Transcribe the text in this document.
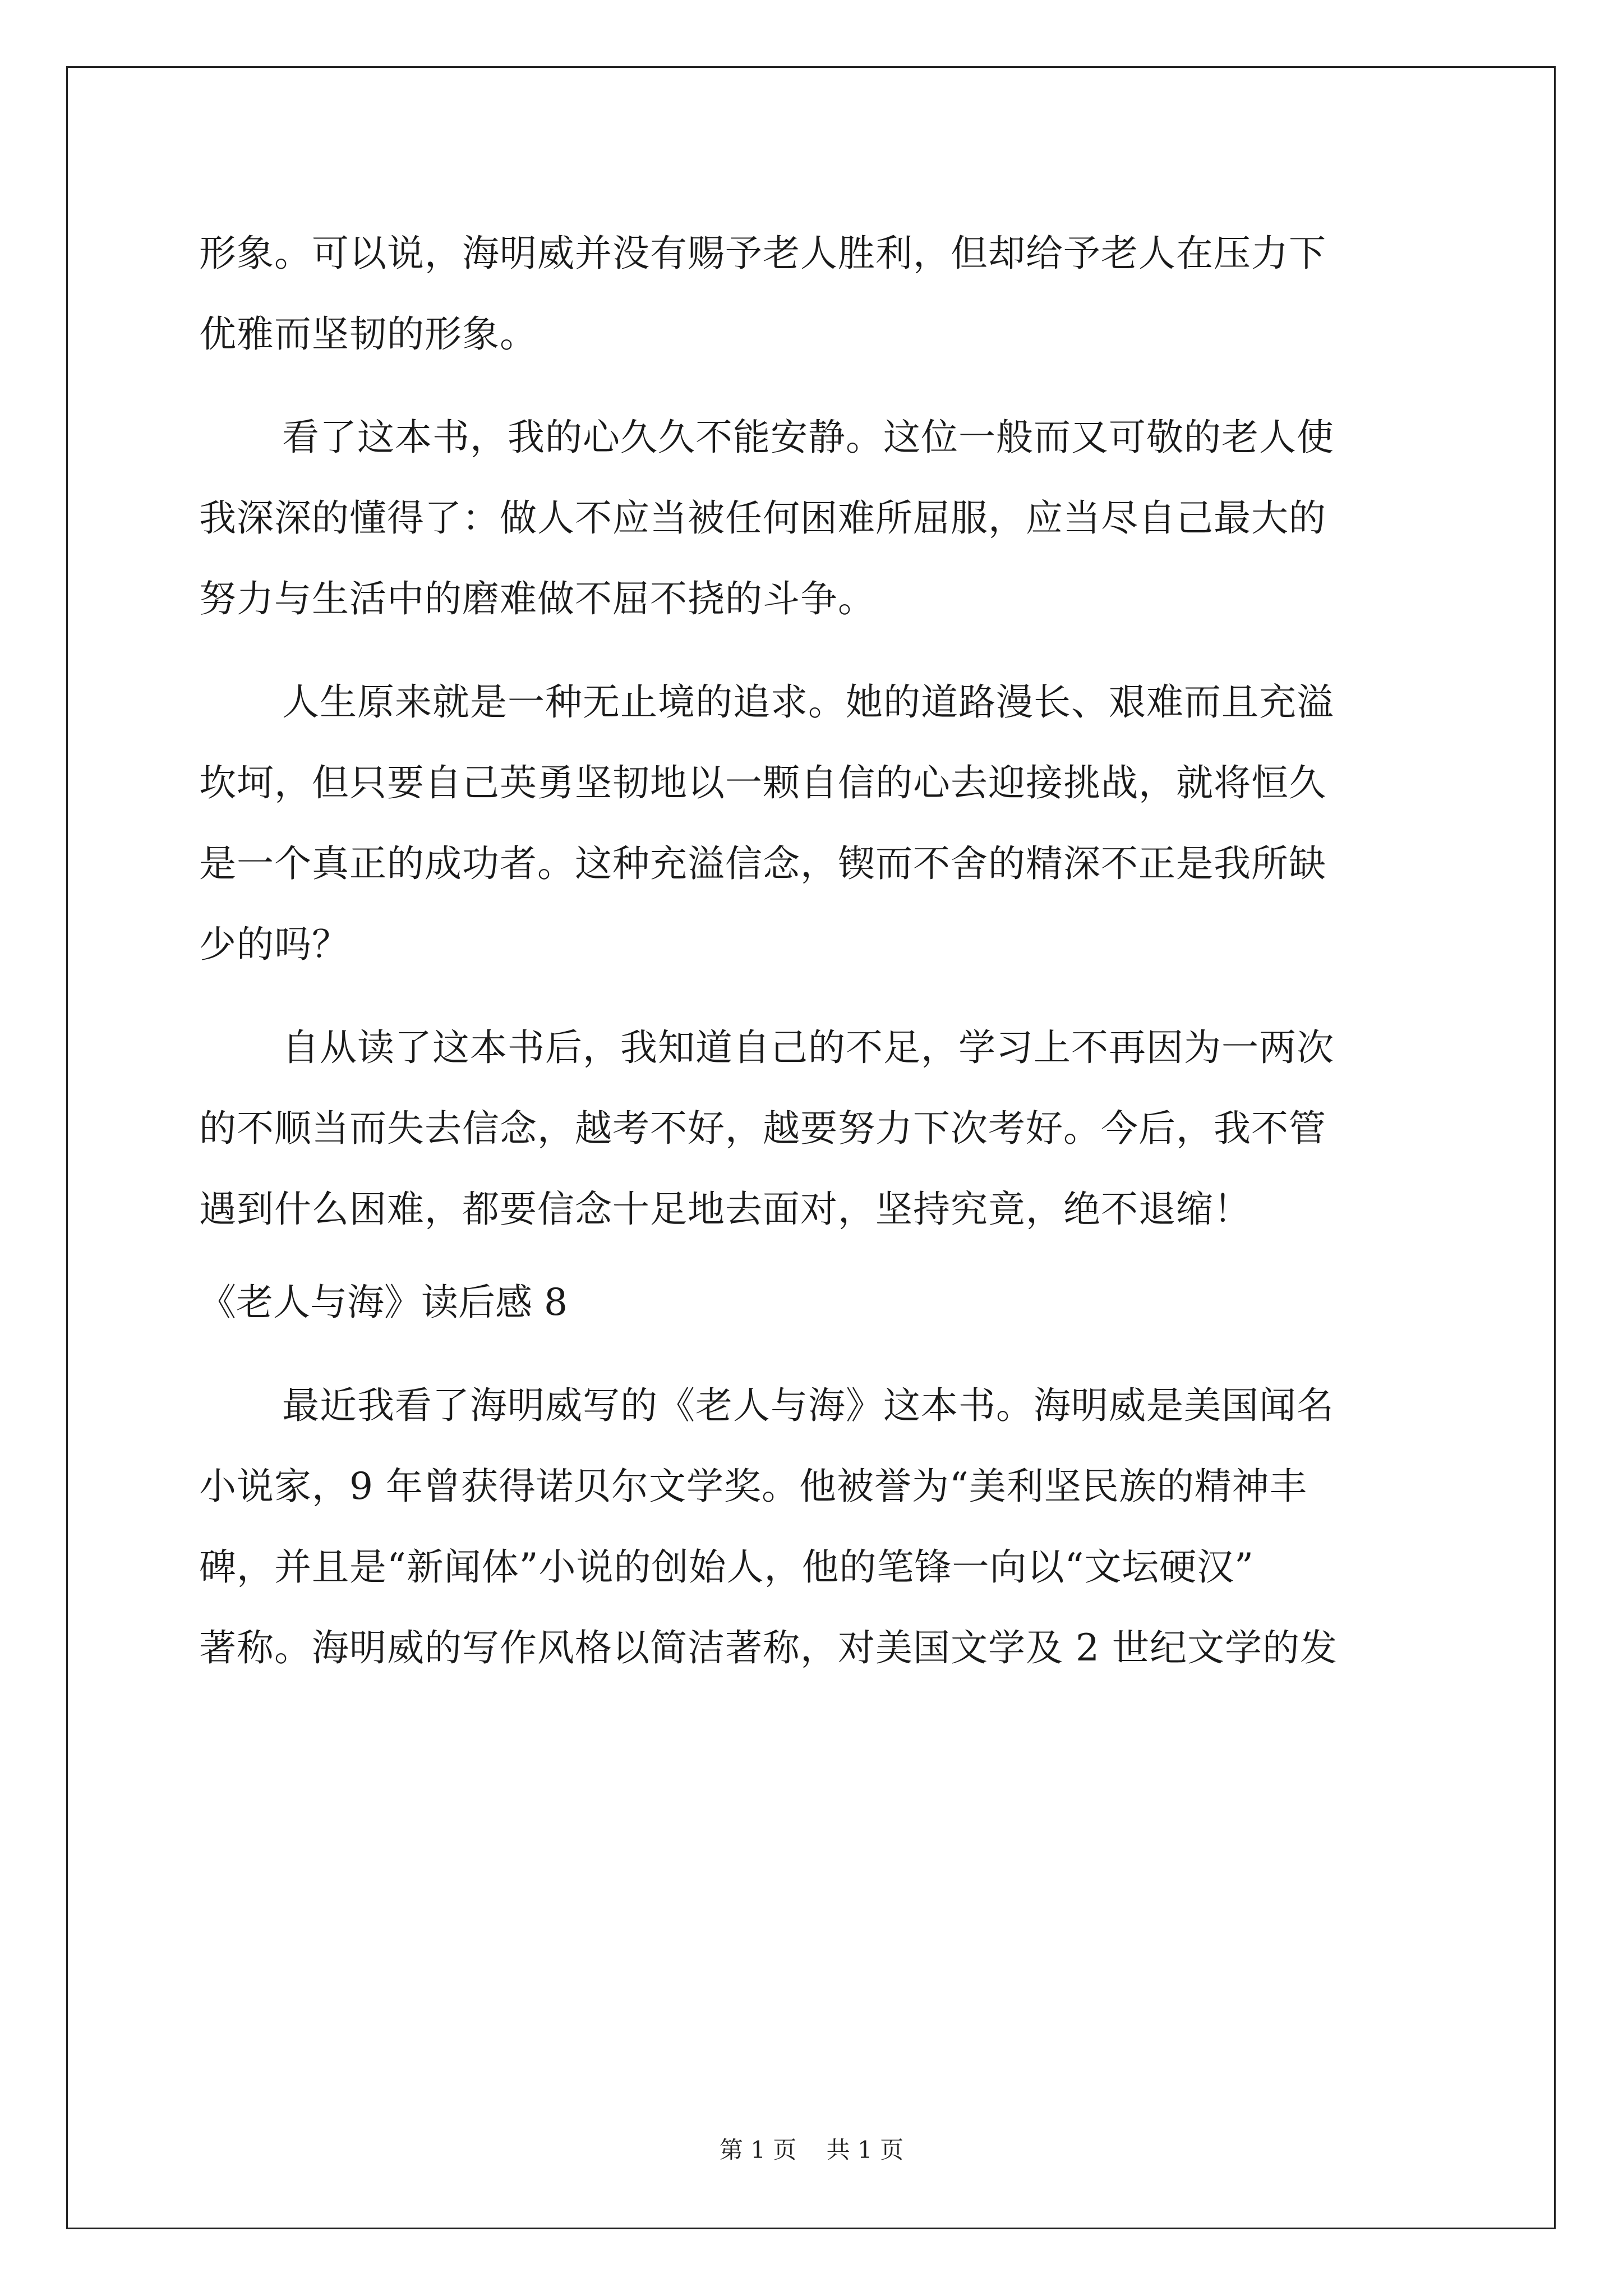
形象。可以说，海明威并没有赐予老人胜利，但却给予老人在压力下
优雅而坚韧的形象。
看了这本书，我的心久久不能安静。这位一般而又可敬的老人使
我深深的懂得了：做人不应当被任何困难所屈服，应当尽自己最大的
努力与生活中的磨难做不屈不挠的斗争。
人生原来就是一种无止境的追求。她的道路漫长、艰难而且充溢
坎坷，但只要自己英勇坚韧地以一颗自信的心去迎接挑战，就将恒久
是一个真正的成功者。这种充溢信念，锲而不舍的精深不正是我所缺
少的吗？
自从读了这本书后，我知道自己的不足，学习上不再因为一两次
的不顺当而失去信念，越考不好，越要努力下次考好。今后，我不管
遇到什么困难，都要信念十足地去面对，坚持究竟，绝不退缩！
《老人与海》读后感 8
最近我看了海明威写的《老人与海》这本书。海明威是美国闻名
小说家，9 年曾获得诺贝尔文学奖。他被誉为“美利坚民族的精神丰
碑，并且是“新闻体”小说的创始人，他的笔锋一向以“文坛硬汉”
著称。海明威的写作风格以简洁著称，对美国文学及 2 世纪文学的发
第 1 页 共 1 页
